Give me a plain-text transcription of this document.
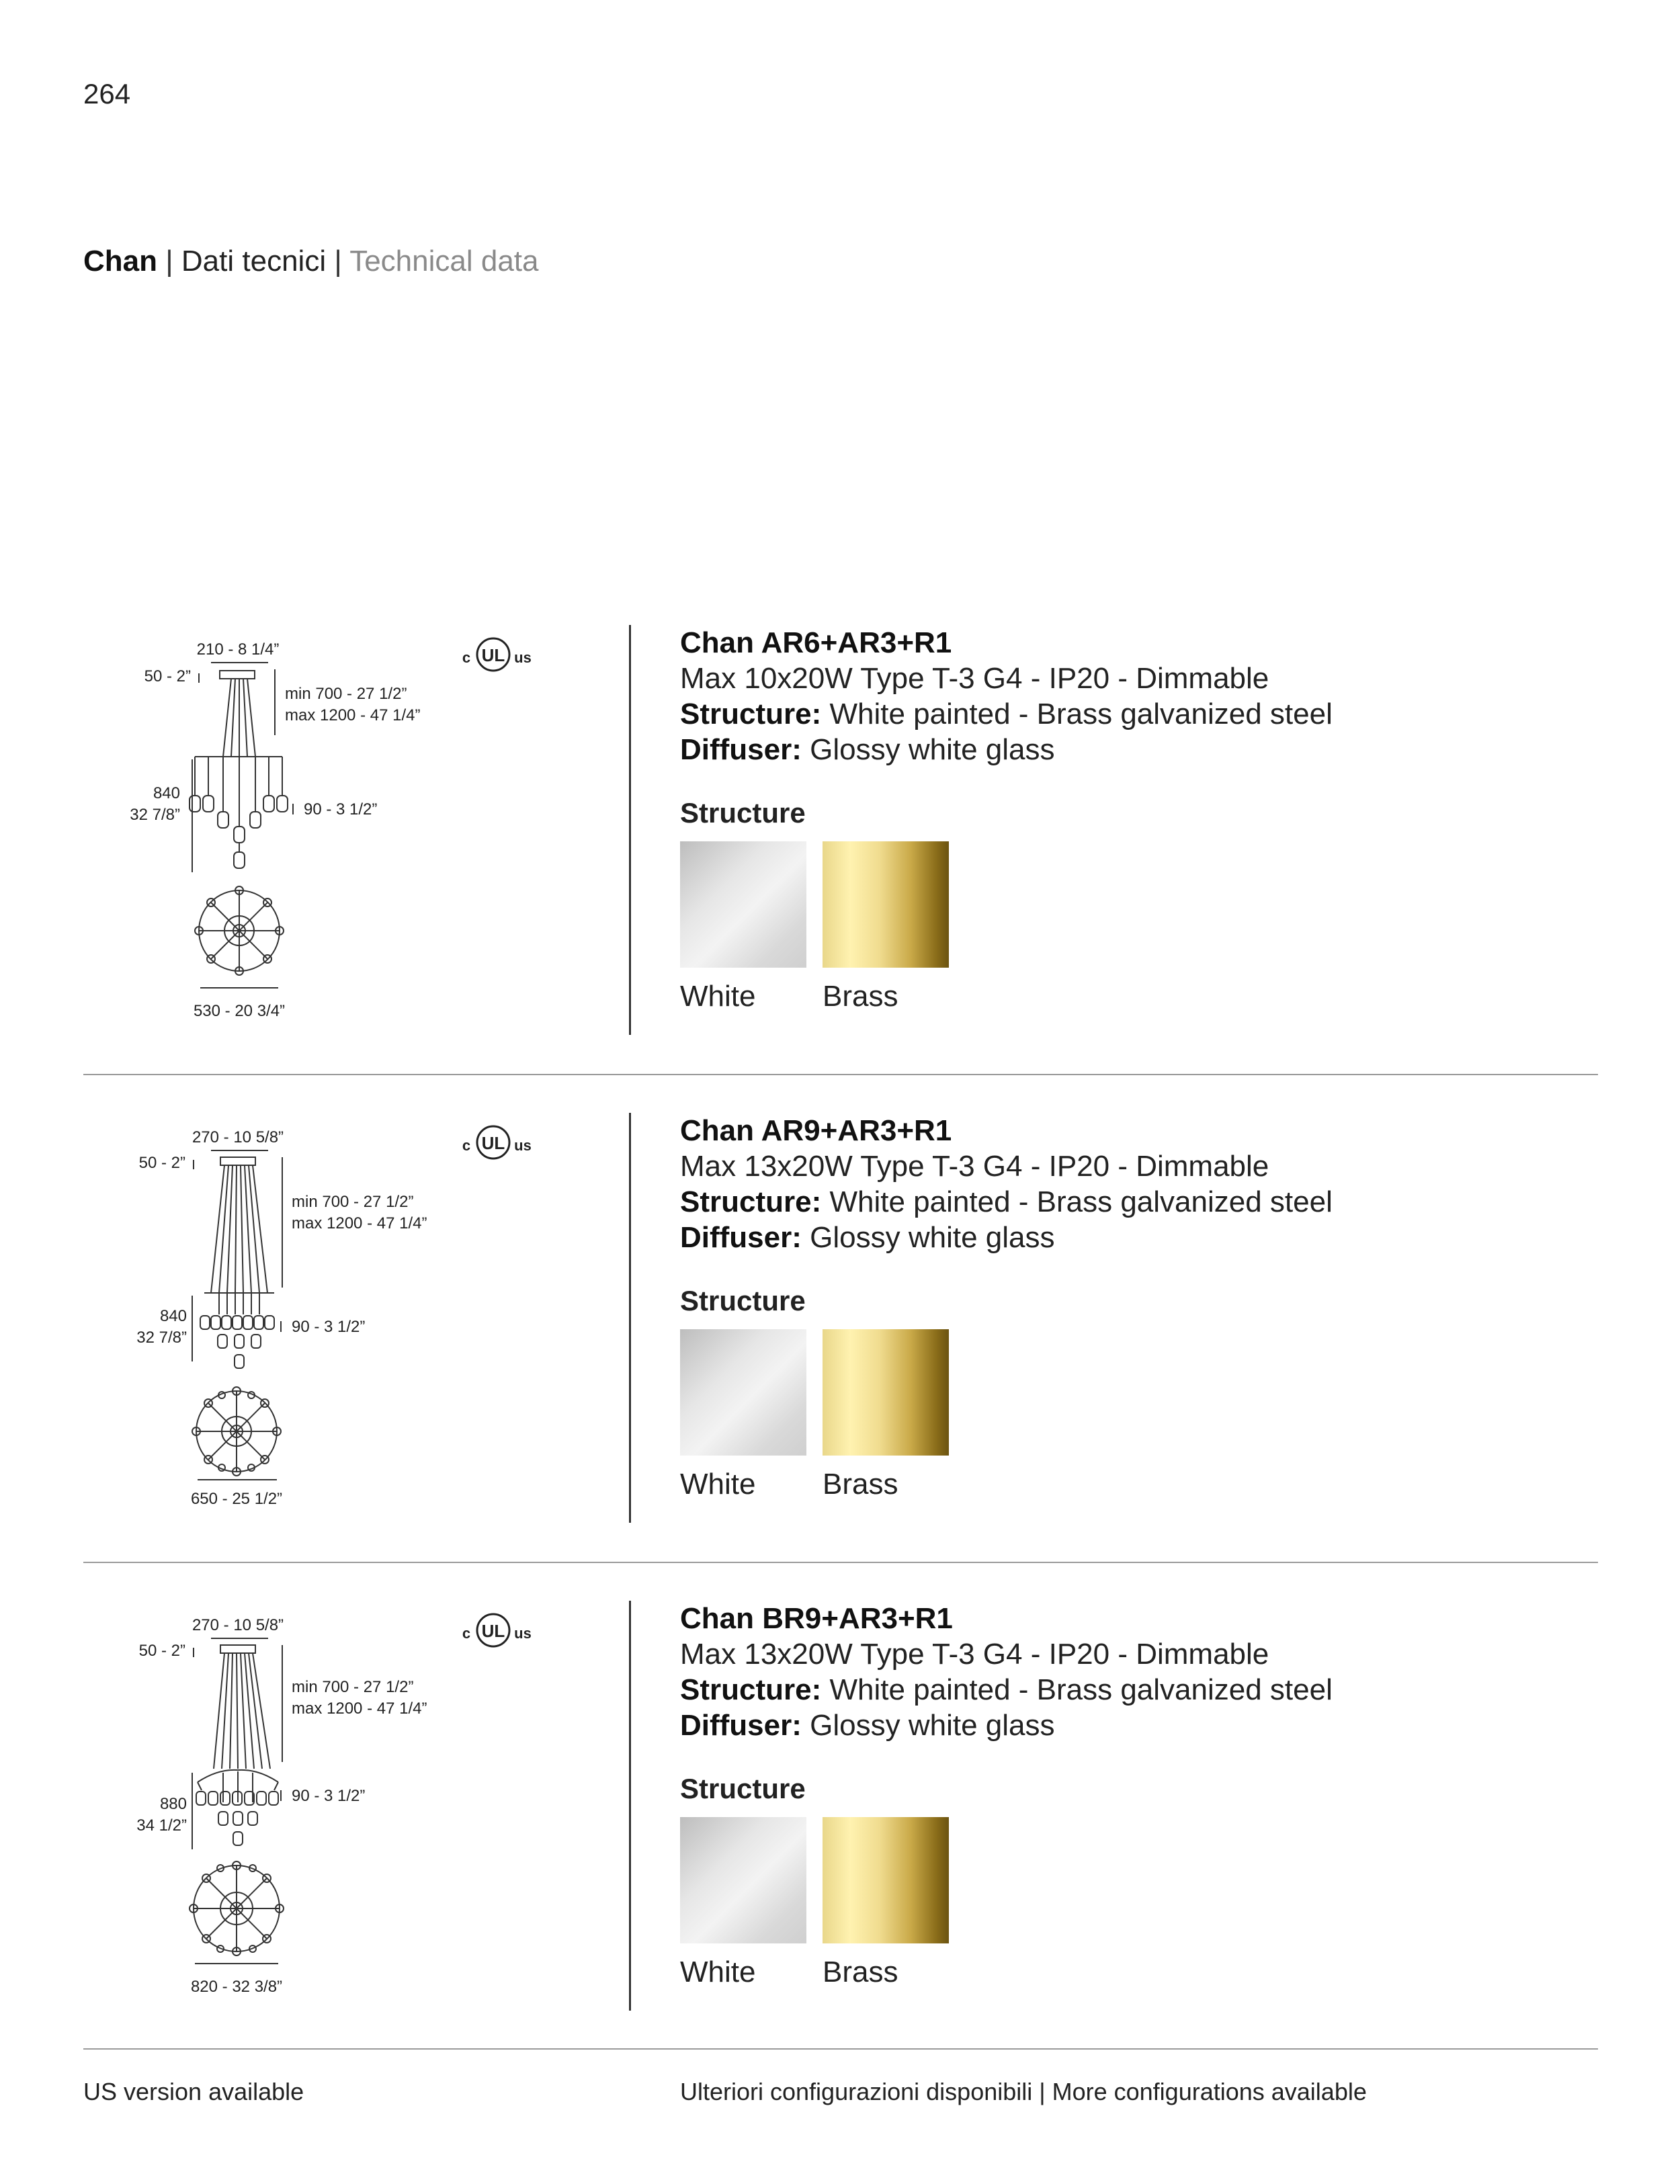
264
Chan | Dati tecnici | Technical data
210 - 8 1/4”
50 - 2”
min 700 - 27 1/2”
max 1200 - 47 1/4”
840
32 7/8”	90 - 3 1/2”
530 - 20 3/4”
c UL us	Chan AR6+AR3+R1
Max 10x20W Type T-3 G4 - IP20 - Dimmable
Structure: White painted - Brass galvanized steel
Diffuser: Glossy white glass
Structure
White	Brass
270 - 10 5/8”
50 - 2”
min 700 - 27 1/2”
max 1200 - 47 1/4”
840
32 7/8”
90 - 3 1/2”
650 - 25 1/2”
c UL us	Chan AR9+AR3+R1
Max 13x20W Type T-3 G4 - IP20 - Dimmable
Structure: White painted - Brass galvanized steel
Diffuser: Glossy white glass
Structure
White	Brass
270 - 10 5/8”
50 - 2”
min 700 - 27 1/2”
max 1200 - 47 1/4”
880
34 1/2”
90 - 3 1/2”
820 - 32 3/8”
c UL us	Chan BR9+AR3+R1
Max 13x20W Type T-3 G4 - IP20 - Dimmable
Structure: White painted - Brass galvanized steel
Diffuser: Glossy white glass
Structure
White	Brass
US version available	Ulteriori configurazioni disponibili | More configurations available
